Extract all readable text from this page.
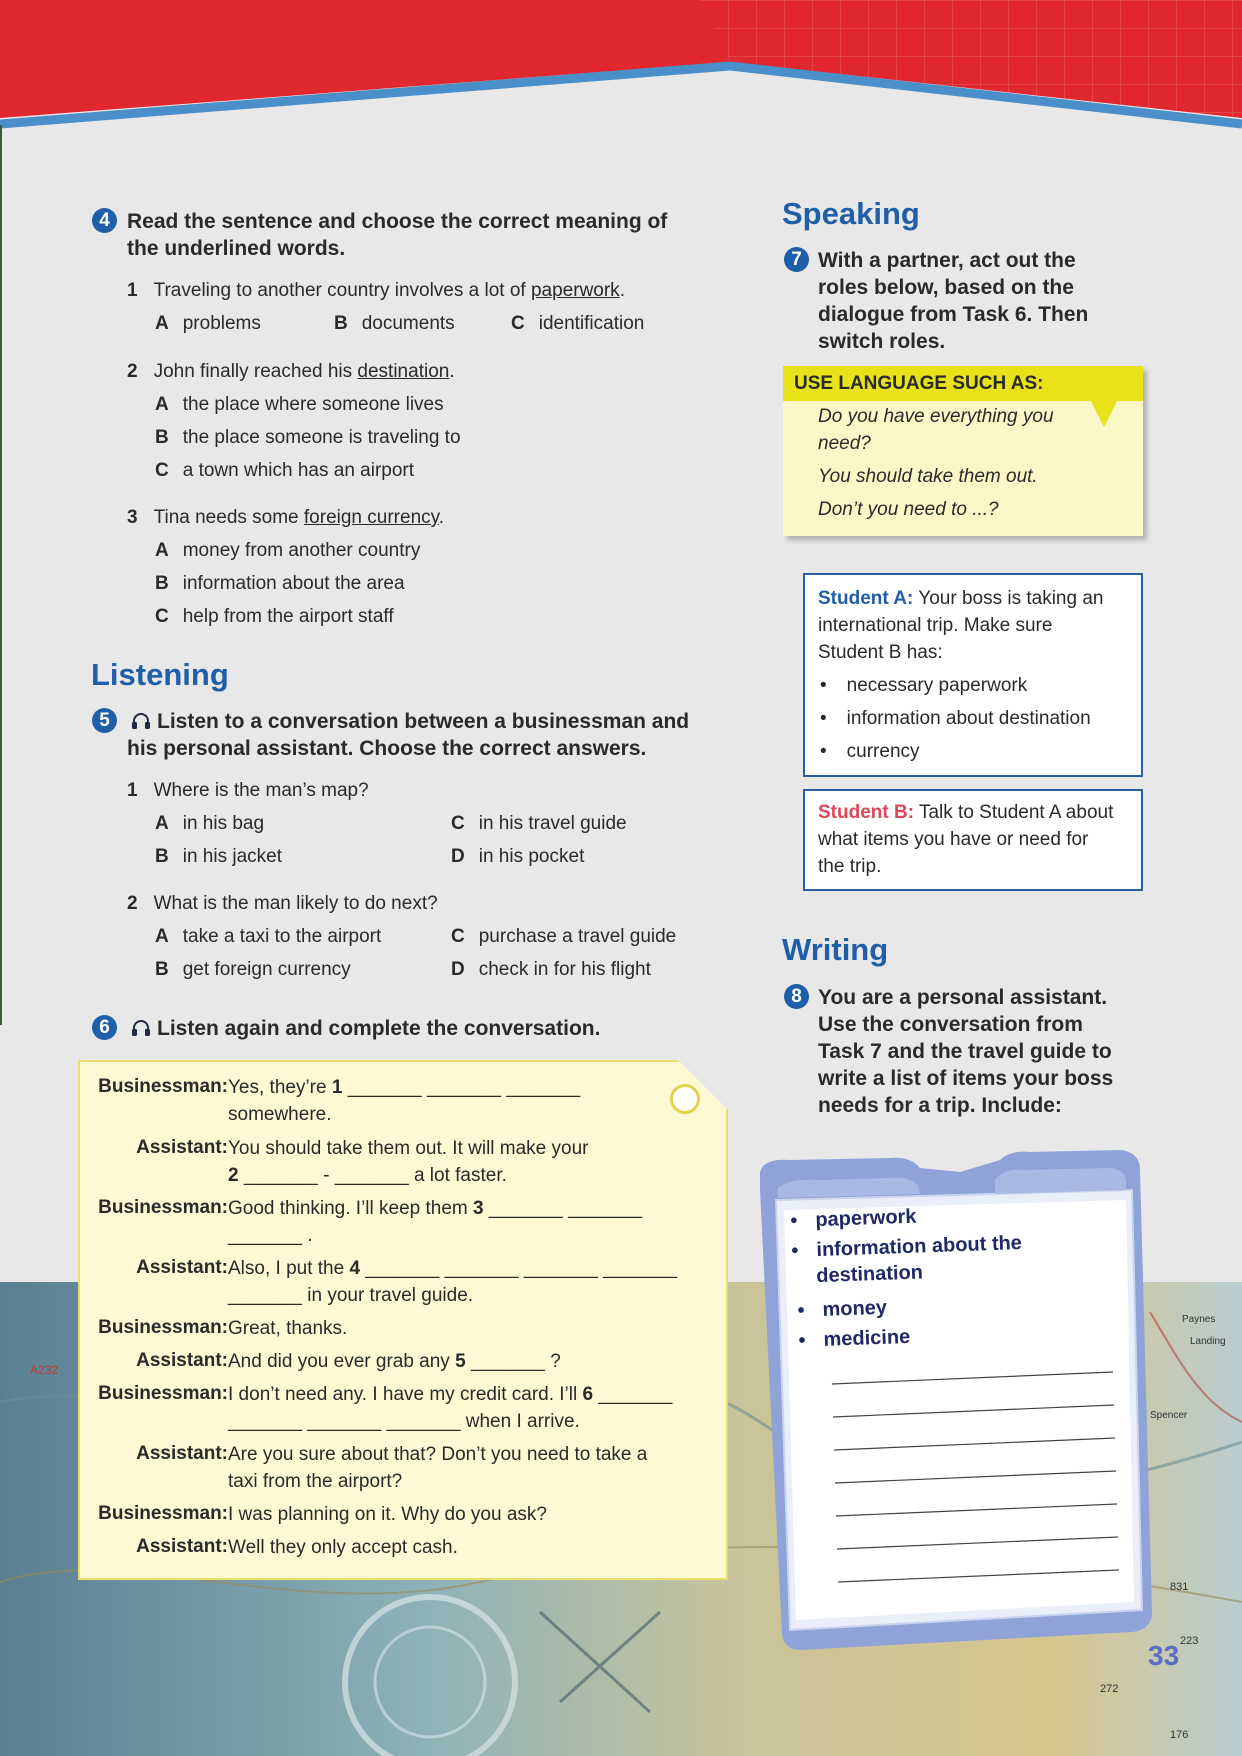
A232
Paynes
Landing
Spencer
831
223
272
176
4 Read the sentence and choose the correct meaning of
the underlined words.
1 Traveling to another country involves a lot of paperwork.
A problems	B documents	C identification
2 John finally reached his destination.
A the place where someone lives
B the place someone is traveling to
C a town which has an airport
3 Tina needs some foreign currency.
A money from another country
B information about the area
C help from the airport staff
Listening
5	Listen to a conversation between a businessman and
his personal assistant. Choose the correct answers.
1 Where is the man’s map?
A in his bag	C in his travel guide
B in his jacket	D in his pocket
2 What is the man likely to do next?
A take a taxi to the airport	C purchase a travel guide
B get foreign currency	D check in for his flight
6	Listen again and complete the conversation.
Businessman: Yes, they’re 1 _______ _______ _______
somewhere.
Assistant: You should take them out. It will make your
2 _______ - _______ a lot faster.
Businessman: Good thinking. I’ll keep them 3 _______ _______
_______ .
Assistant: Also, I put the 4 _______ _______ _______ _______
_______ in your travel guide.
Businessman: Great, thanks.
Assistant: And did you ever grab any 5 _______ ?
Businessman: I don’t need any. I have my credit card. I’ll 6 _______
_______ _______ _______ when I arrive.
Assistant: Are you sure about that? Don’t you need to take a
taxi from the airport?
Businessman: I was planning on it. Why do you ask?
Assistant: Well they only accept cash.
Speaking
7 With a partner, act out the
roles below, based on the
dialogue from Task 6. Then
switch roles.
USE LANGUAGE SUCH AS:
Do you have everything you
need?
You should take them out.
Don’t you need to ...?
Student A: Your boss is taking an
international trip. Make sure
Student B has:
• necessary paperwork
• information about destination
• currency
Student B: Talk to Student A about
what items you have or need for
the trip.
Writing
8 You are a personal assistant.
Use the conversation from
Task 7 and the travel guide to
write a list of items your boss
needs for a trip. Include:
• paperwork
• information about the
destination
• money
• medicine
33
